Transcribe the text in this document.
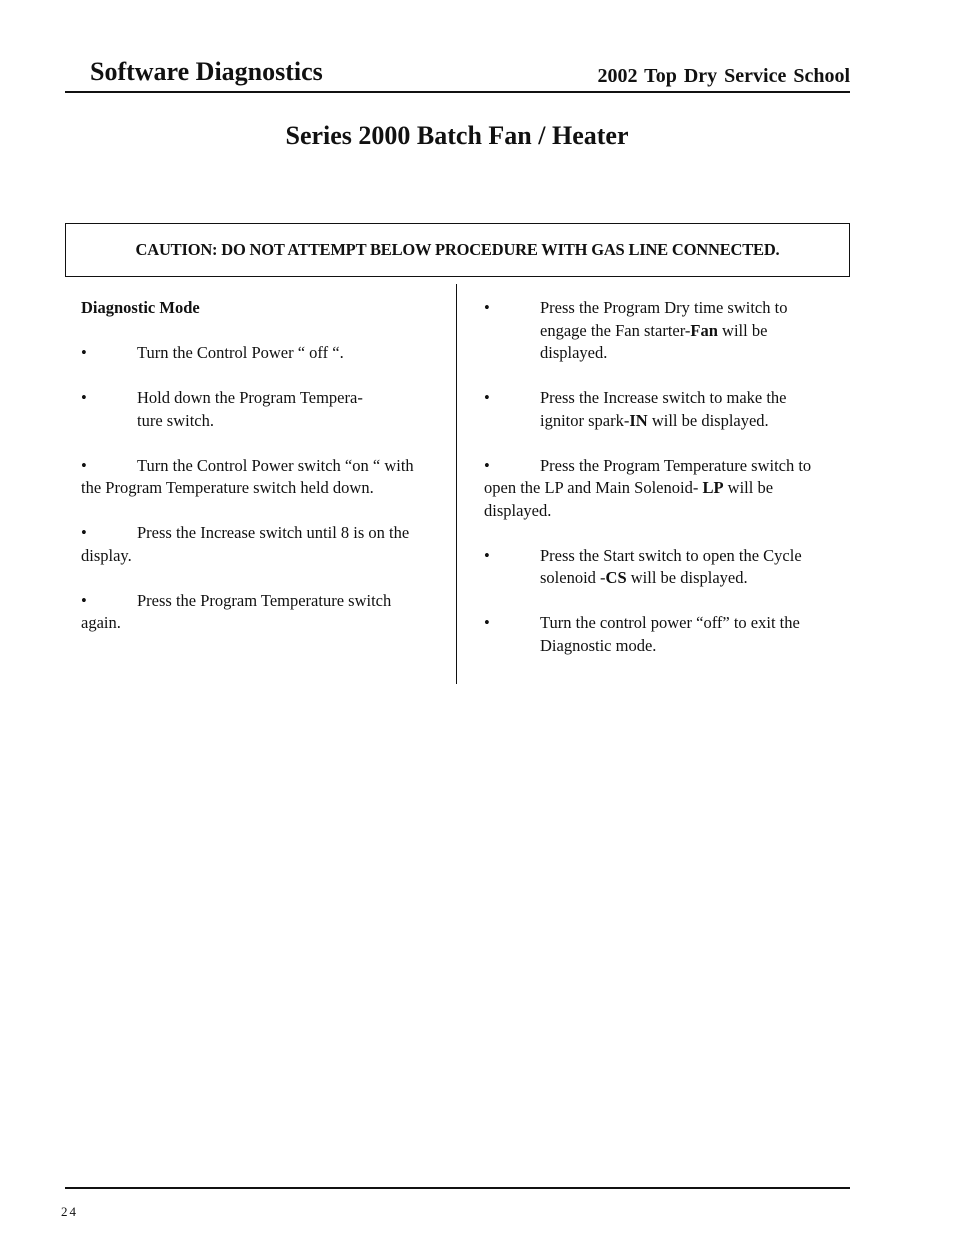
Software Diagnostics	2002 Top Dry Service School
Series 2000 Batch Fan / Heater
CAUTION: DO NOT ATTEMPT BELOW PROCEDURE WITH GAS LINE CONNECTED.
Diagnostic Mode
•	Turn the Control Power “ off “.
•	Hold down the Program Tempera- ture switch.
•	Turn the Control Power switch “on “ with the Program Temperature switch held down.
•	Press the Increase switch until 8 is on the display.
•	Press the Program Temperature switch again.
•	Press the Program Dry time switch to engage the Fan starter-Fan will be displayed.
•	Press the Increase switch to make the ignitor spark-IN will be displayed.
•	Press the Program Temperature switch to open the LP and Main Solenoid- LP will be displayed.
•	Press the Start switch to open the Cycle solenoid -CS will be displayed.
•	Turn the control power “off” to exit the Diagnostic mode.
24
